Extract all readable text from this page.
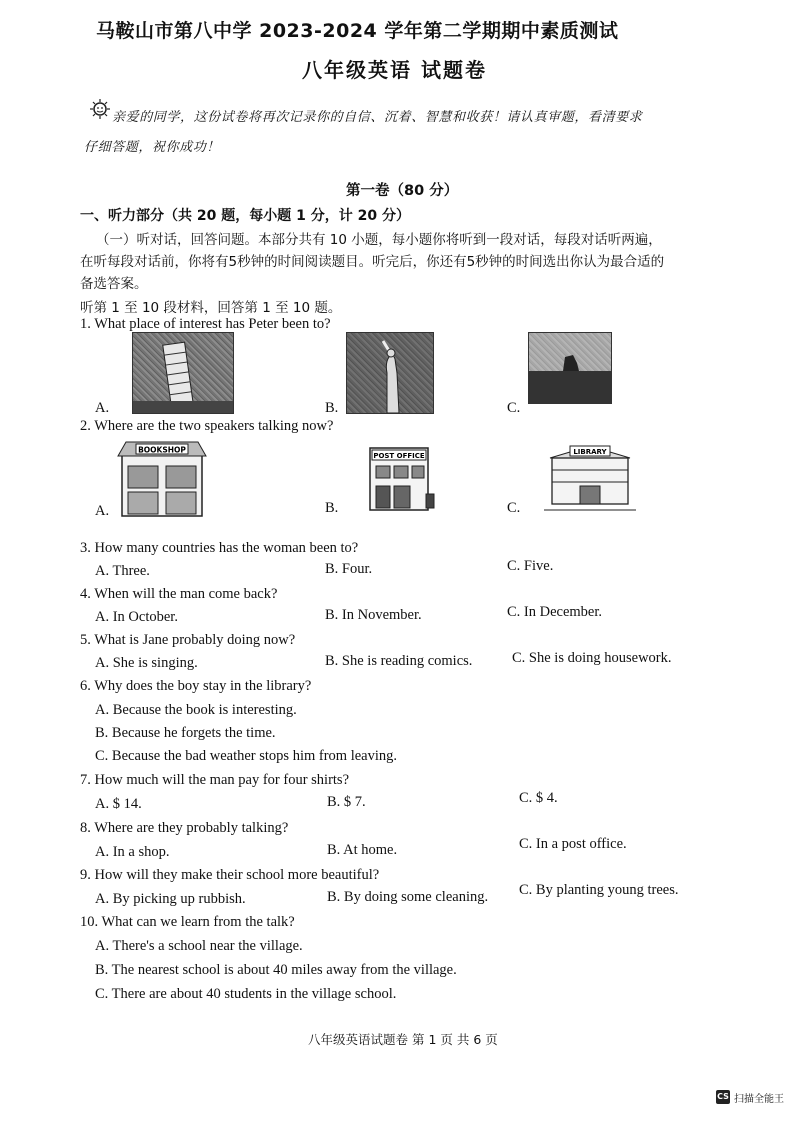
马鞍山市第八中学 2023-2024 学年第二学期期中素质测试
八年级英语 试题卷
亲爱的同学，这份试卷将再次记录你的自信、沉着、智慧和收获！请认真审题，看清要求
仔细答题，祝你成功！
第一卷（80 分）
一、听力部分（共 20 题，每小题 1 分，计 20 分）
（一）听对话，回答问题。本部分共有 10 小题，每小题你将听到一段对话，每段对话听两遍，
在听每段对话前，你将有5秒钟的时间阅读题目。听完后，你还有5秒钟的时间选出你认为最合适的
备选答案。
听第 1 至 10 段材料，回答第 1 至 10 题。
1. What place of interest has Peter been to?
A.	B.	C.
2. Where are the two speakers talking now?
A.
BOOKSHOP
B.
POST OFFICE
C.
LIBRARY
3. How many countries has the woman been to?
A. Three.	B. Four.	C. Five.
4. When will the man come back?
A. In October.	B. In November.	C. In December.
5. What is Jane probably doing now?
A. She is singing.	B. She is reading comics.	C. She is doing housework.
6. Why does the boy stay in the library?
A. Because the book is interesting.
B. Because he forgets the time.
C. Because the bad weather stops him from leaving.
7. How much will the man pay for four shirts?
A. $ 14.	B. $ 7.	C. $ 4.
8. Where are they probably talking?
A. In a shop.	B. At home.	C. In a post office.
9. How will they make their school more beautiful?
A. By picking up rubbish.	B. By doing some cleaning. C. By planting young trees.
10. What can we learn from the talk?
A. There's a school near the village.
B. The nearest school is about 40 miles away from the village.
C. There are about 40 students in the village school.
八年级英语试题卷 第 1 页 共 6 页
CS 扫描全能王
